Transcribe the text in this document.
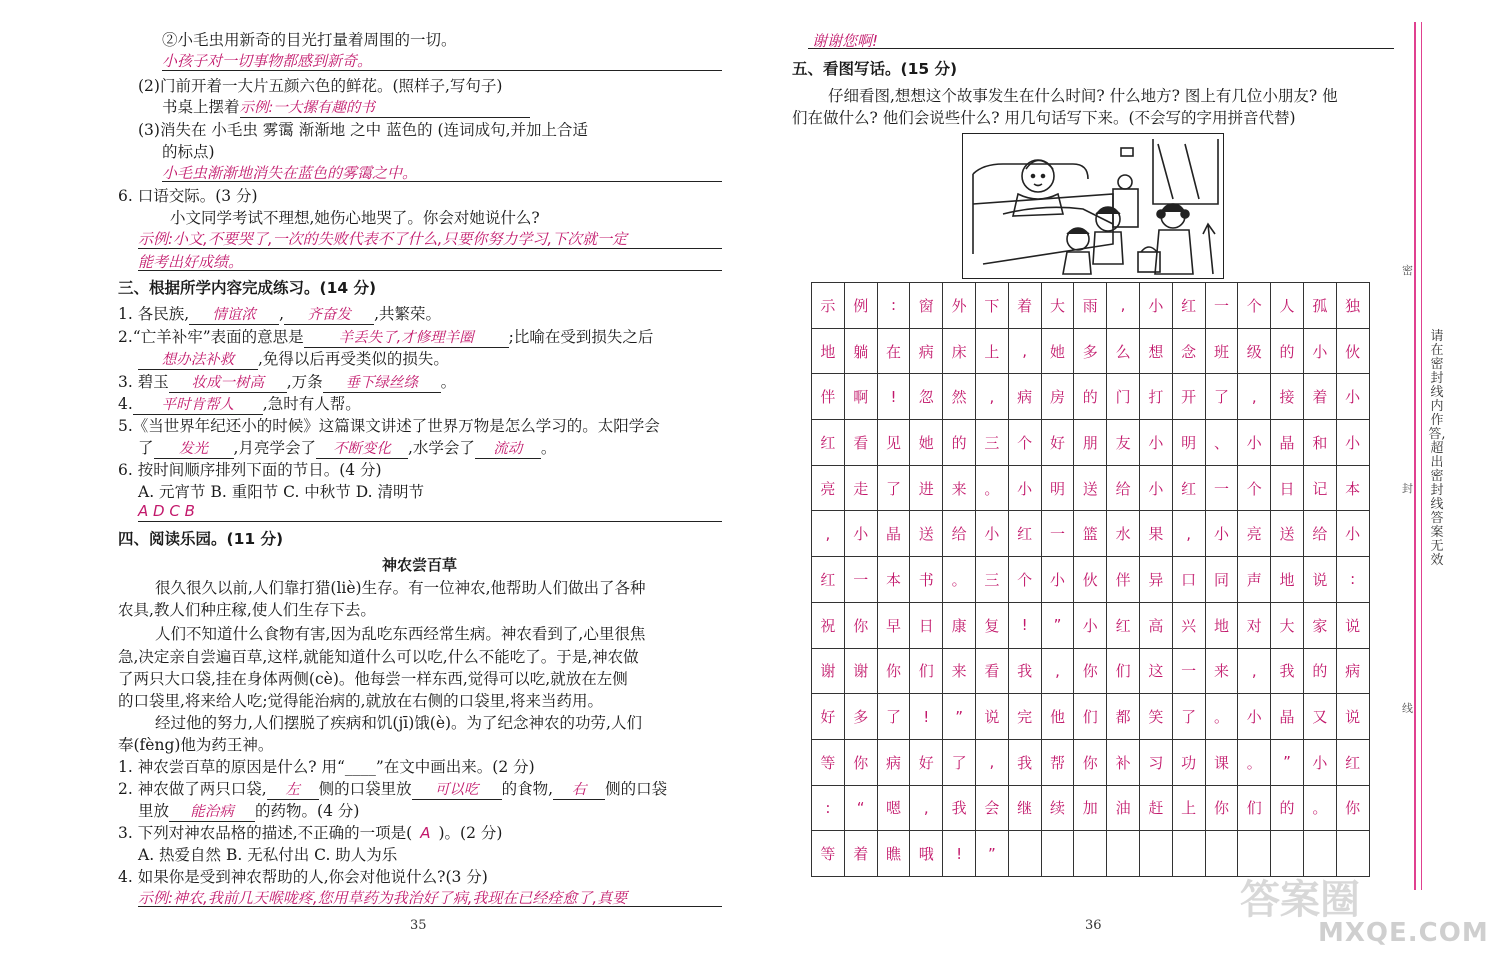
②小毛虫用新奇的目光打量着周围的一切。
小孩子对一切事物都感到新奇。
(2)门前开着一大片五颜六色的鲜花。(照样子,写句子)
书桌上摆着示例:一大摞有趣的书
(3)消失在 小毛虫 雾霭 渐渐地 之中 蓝色的 (连词成句,并加上合适
的标点)
小毛虫渐渐地消失在蓝色的雾霭之中。
6. 口语交际。(3 分)
小文同学考试不理想,她伤心地哭了。你会对她说什么?
示例:小文,不要哭了,一次的失败代表不了什么,只要你努力学习,下次就一定
能考出好成绩。
三、根据所学内容完成练习。(14 分)
1. 各民族, 情谊浓 , 齐奋发 ,共繁荣。
2.“亡羊补牢”表面的意思是 羊丢失了,才修理羊圈 ;比喻在受到损失之后
想办法补救 ,免得以后再受类似的损失。
3. 碧玉 妆成一树高 ,万条 垂下绿丝绦 。
4. 平时肯帮人 ,急时有人帮。
5.《当世界年纪还小的时候》这篇课文讲述了世界万物是怎么学习的。太阳学会
了 发光 ,月亮学会了 不断变化 ,水学会了 流动 。
6. 按时间顺序排列下面的节日。(4 分)
A. 元宵节 B. 重阳节 C. 中秋节 D. 清明节
A D C B
四、阅读乐园。(11 分)
神农尝百草
很久很久以前,人们靠打猎(liè)生存。有一位神农,他帮助人们做出了各种
农具,教人们种庄稼,使人们生存下去。
人们不知道什么食物有害,因为乱吃东西经常生病。神农看到了,心里很焦
急,决定亲自尝遍百草,这样,就能知道什么可以吃,什么不能吃了。于是,神农做
了两只大口袋,挂在身体两侧(cè)。他每尝一样东西,觉得可以吃,就放在左侧
的口袋里,将来给人吃;觉得能治病的,就放在右侧的口袋里,将来当药用。
经过他的努力,人们摆脱了疾病和饥(jī)饿(è)。为了纪念神农的功劳,人们
奉(fèng)他为药王神。
1. 神农尝百草的原因是什么? 用“____”在文中画出来。(2 分)
2. 神农做了两只口袋, 左 侧的口袋里放 可以吃 的食物, 右 侧的口袋
里放 能治病 的药物。(4 分)
3. 下列对神农品格的描述,不正确的一项是( A )。(2 分)
A. 热爱自然 B. 无私付出 C. 助人为乐
4. 如果你是受到神农帮助的人,你会对他说什么?(3 分)
示例:神农,我前几天喉咙疼,您用草药为我治好了病,我现在已经痊愈了,真要
35
谢谢您啊!
五、看图写话。(15 分)
仔细看图,想想这个故事发生在什么时间? 什么地方? 图上有几位小朋友? 他
们在做什么? 他们会说些什么? 用几句话写下来。(不会写的字用拼音代替)
示	例	:	窗	外	下	着	大	雨	,	小	红	一	个	人	孤	独
地	躺	在	病	床	上	,	她	多	么	想	念	班	级	的	小	伙
伴	啊	!	忽	然	,	病	房	的	门	打	开	了	,	接	着	小
红	看	见	她	的	三	个	好	朋	友	小	明	、	小	晶	和	小
亮	走	了	进	来	。	小	明	送	给	小	红	一	个	日	记	本
,	小	晶	送	给	小	红	一	篮	水	果	,	小	亮	送	给	小
红	一	本	书	。	三	个	小	伙	伴	异	口	同	声	地	说	:
祝	你	早	日	康	复	!	”	小	红	高	兴	地	对	大	家	说
谢	谢	你	们	来	看	我	,	你	们	这	一	来	,	我	的	病
好	多	了	!	”	说	完	他	们	都	笑	了	。	小	晶	又	说
等	你	病	好	了	,	我	帮	你	补	习	功	课	。	”	小	红
:	“	嗯	,	我	会	继	续	加	油	赶	上	你	们	的	。	你
等	着	瞧	哦	!	”											
36
密
封
线
请在密封线内作答,超出密封线答案无效
答案圈
MXQE.COM
